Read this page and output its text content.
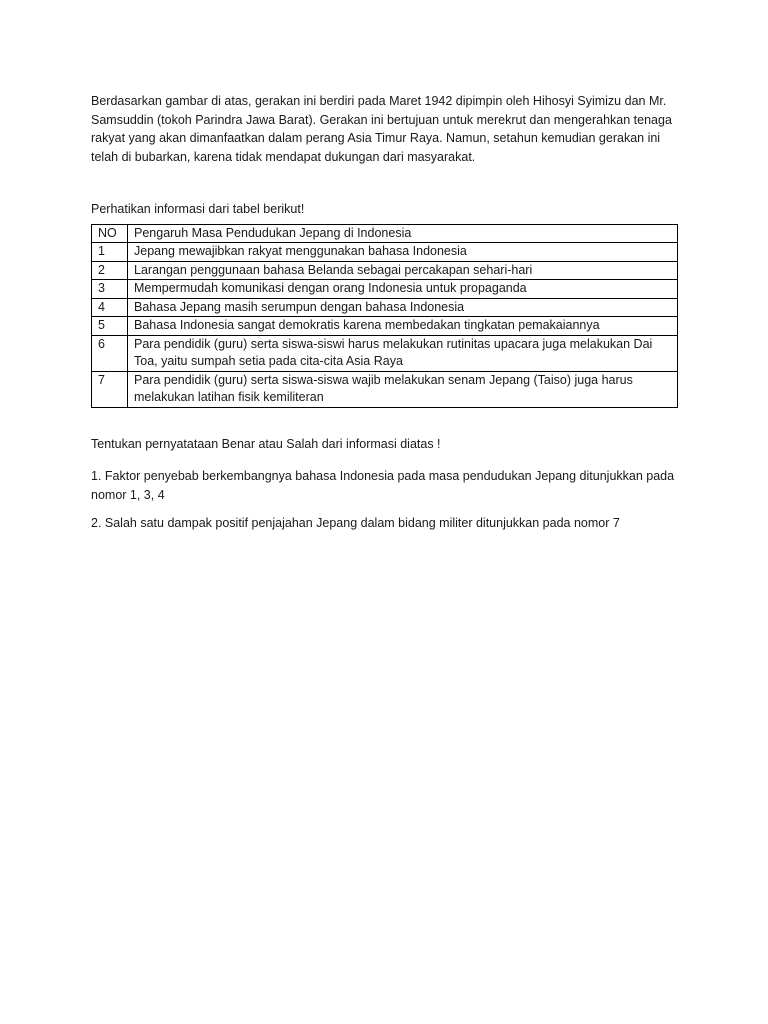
Berdasarkan gambar di atas, gerakan ini berdiri pada Maret 1942 dipimpin oleh Hihosyi Syimizu dan Mr. Samsuddin (tokoh Parindra Jawa Barat). Gerakan ini bertujuan untuk merekrut dan mengerahkan tenaga rakyat yang akan dimanfaatkan dalam perang Asia Timur Raya. Namun, setahun kemudian gerakan ini telah di bubarkan, karena tidak mendapat dukungan dari masyarakat.

Perhatikan informasi dari tabel berikut!

NO	Pengaruh Masa Pendudukan Jepang di Indonesia
1	Jepang mewajibkan rakyat menggunakan bahasa Indonesia
2	Larangan penggunaan bahasa Belanda sebagai percakapan sehari-hari
3	Mempermudah komunikasi dengan orang Indonesia untuk propaganda
4	Bahasa Jepang masih serumpun dengan bahasa Indonesia
5	Bahasa Indonesia sangat demokratis karena membedakan tingkatan pemakaiannya
6	Para pendidik (guru) serta siswa-siswi harus melakukan rutinitas upacara juga melakukan Dai Toa, yaitu sumpah setia pada cita-cita Asia Raya
7	Para pendidik (guru) serta siswa-siswa wajib melakukan senam Jepang (Taiso) juga harus melakukan latihan fisik kemiliteran

Tentukan pernyatataan Benar atau Salah dari informasi diatas !

1. Faktor penyebab berkembangnya bahasa Indonesia pada masa pendudukan Jepang ditunjukkan pada nomor 1, 3, 4

2. Salah satu dampak positif penjajahan Jepang dalam bidang militer ditunjukkan pada nomor 7
